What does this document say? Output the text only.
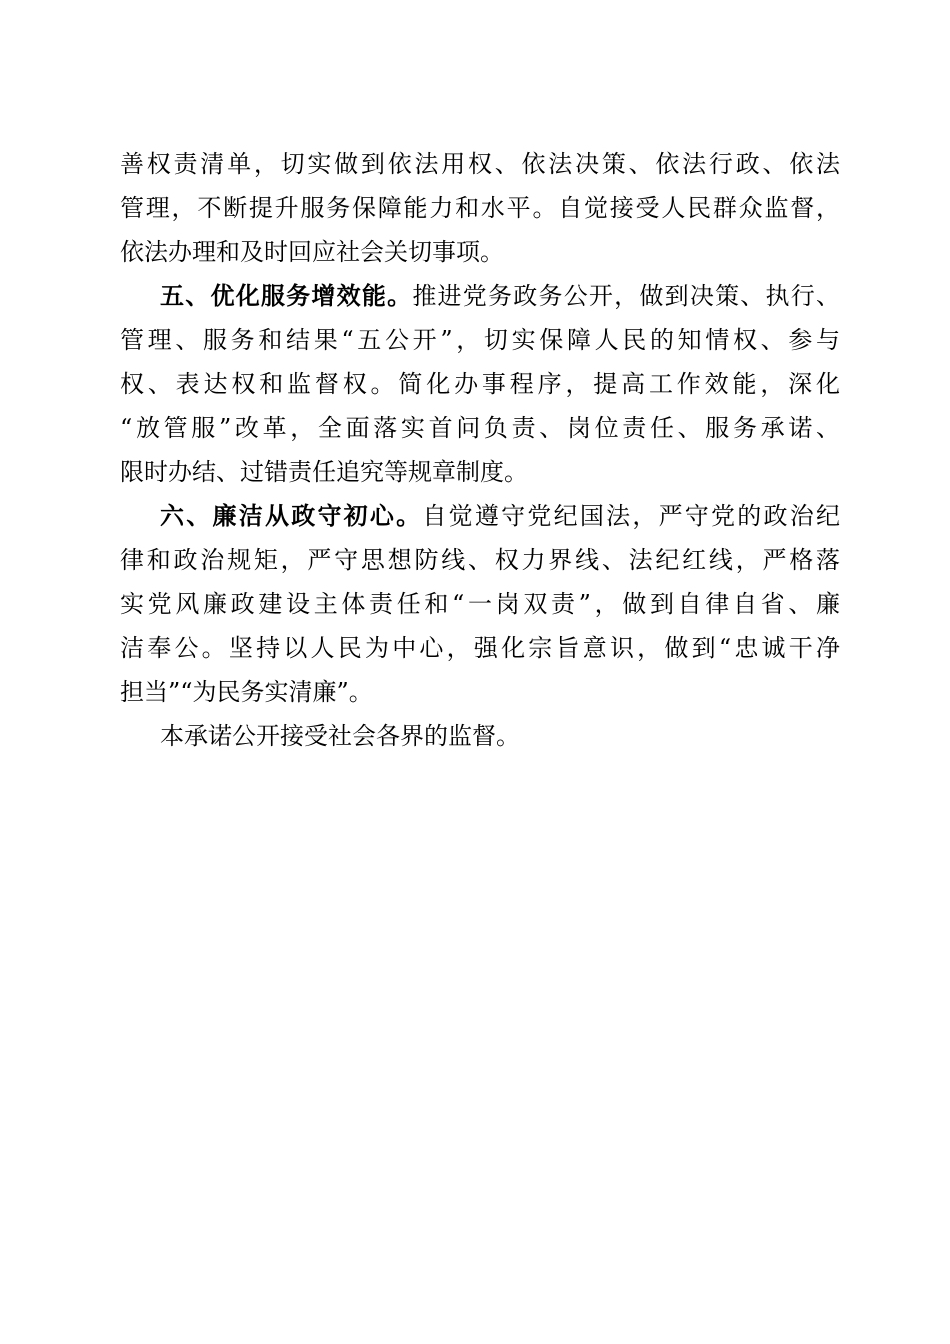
善权责清单，切实做到依法用权、依法决策、依法行政、依法
管理，不断提升服务保障能力和水平。自觉接受人民群众监督，
依法办理和及时回应社会关切事项。
五、优化服务增效能。推进党务政务公开，做到决策、执行、
管理、服务和结果“五公开”，切实保障人民的知情权、参与
权、表达权和监督权。简化办事程序，提高工作效能，深化
“放管服”改革，全面落实首问负责、岗位责任、服务承诺、
限时办结、过错责任追究等规章制度。
六、廉洁从政守初心。自觉遵守党纪国法，严守党的政治纪
律和政治规矩，严守思想防线、权力界线、法纪红线，严格落
实党风廉政建设主体责任和“一岗双责”，做到自律自省、廉
洁奉公。坚持以人民为中心，强化宗旨意识，做到“忠诚干净
担当”“为民务实清廉”。
本承诺公开接受社会各界的监督。
